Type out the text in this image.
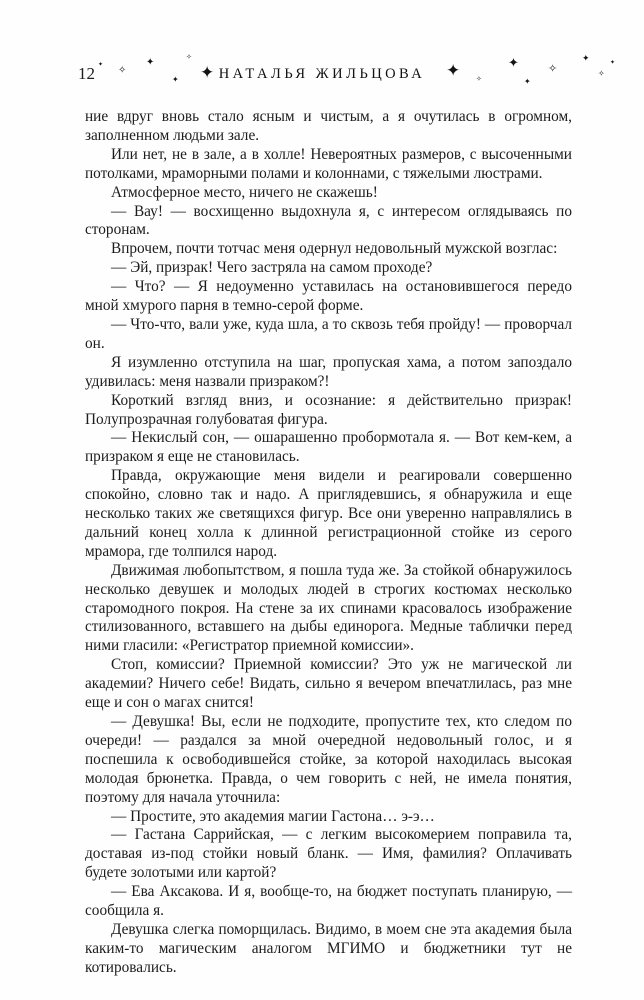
12	НАТАЛЬЯ ЖИЛЬЦОВА
✦
✦
✧
✦
✦
✧
✦	✦	✧
✦
✧
✦
✦
✧

ние вдруг вновь стало ясным и чистым, а я очутилась в огромном, заполненном людьми зале.

Или нет, не в зале, а в холле! Невероятных размеров, с высоченными потолками, мраморными полами и колоннами, с тяжелыми люстрами.

Атмосферное место, ничего не скажешь!

— Вау! — восхищенно выдохнула я, с интересом оглядываясь по сторонам.

Впрочем, почти тотчас меня одернул недовольный мужской возглас:

— Эй, призрак! Чего застряла на самом проходе?

— Что? — Я недоуменно уставилась на остановившегося передо мной хмурого парня в темно-серой форме.

— Что-что, вали уже, куда шла, а то сквозь тебя пройду! — проворчал он.

Я изумленно отступила на шаг, пропуская хама, а потом запоздало удивилась: меня назвали призраком?!

Короткий взгляд вниз, и осознание: я действительно призрак! Полупрозрачная голубоватая фигура.

— Некислый сон, — ошарашенно пробормотала я. — Вот кем-кем, а призраком я еще не становилась.

Правда, окружающие меня видели и реагировали совершенно спокойно, словно так и надо. А приглядевшись, я обнаружила и еще несколько таких же светящихся фигур. Все они уверенно направлялись в дальний конец холла к длинной регистрационной стойке из серого мрамора, где толпился народ.

Движимая любопытством, я пошла туда же. За стойкой обнаружилось несколько девушек и молодых людей в строгих костюмах несколько старомодного покроя. На стене за их спинами красовалось изображение стилизованного, вставшего на дыбы единорога. Медные таблички перед ними гласили: «Регистратор приемной комиссии».

Стоп, комиссии? Приемной комиссии? Это уж не магической ли академии? Ничего себе! Видать, сильно я вечером впечатлилась, раз мне еще и сон о магах снится!

— Девушка! Вы, если не подходите, пропустите тех, кто следом по очереди! — раздался за мной очередной недовольный голос, и я поспешила к освободившейся стойке, за которой находилась высокая молодая брюнетка. Правда, о чем говорить с ней, не имела понятия, поэтому для начала уточнила:

— Простите, это академия магии Гастона… э-э…

— Гастана Саррийская, — с легким высокомерием поправила та, доставая из-под стойки новый бланк. — Имя, фамилия? Оплачивать будете золотыми или картой?

— Ева Аксакова. И я, вообще-то, на бюджет поступать планирую, — сообщила я.

Девушка слегка поморщилась. Видимо, в моем сне эта академия была каким-то магическим аналогом МГИМО и бюджетники тут не котировались.
